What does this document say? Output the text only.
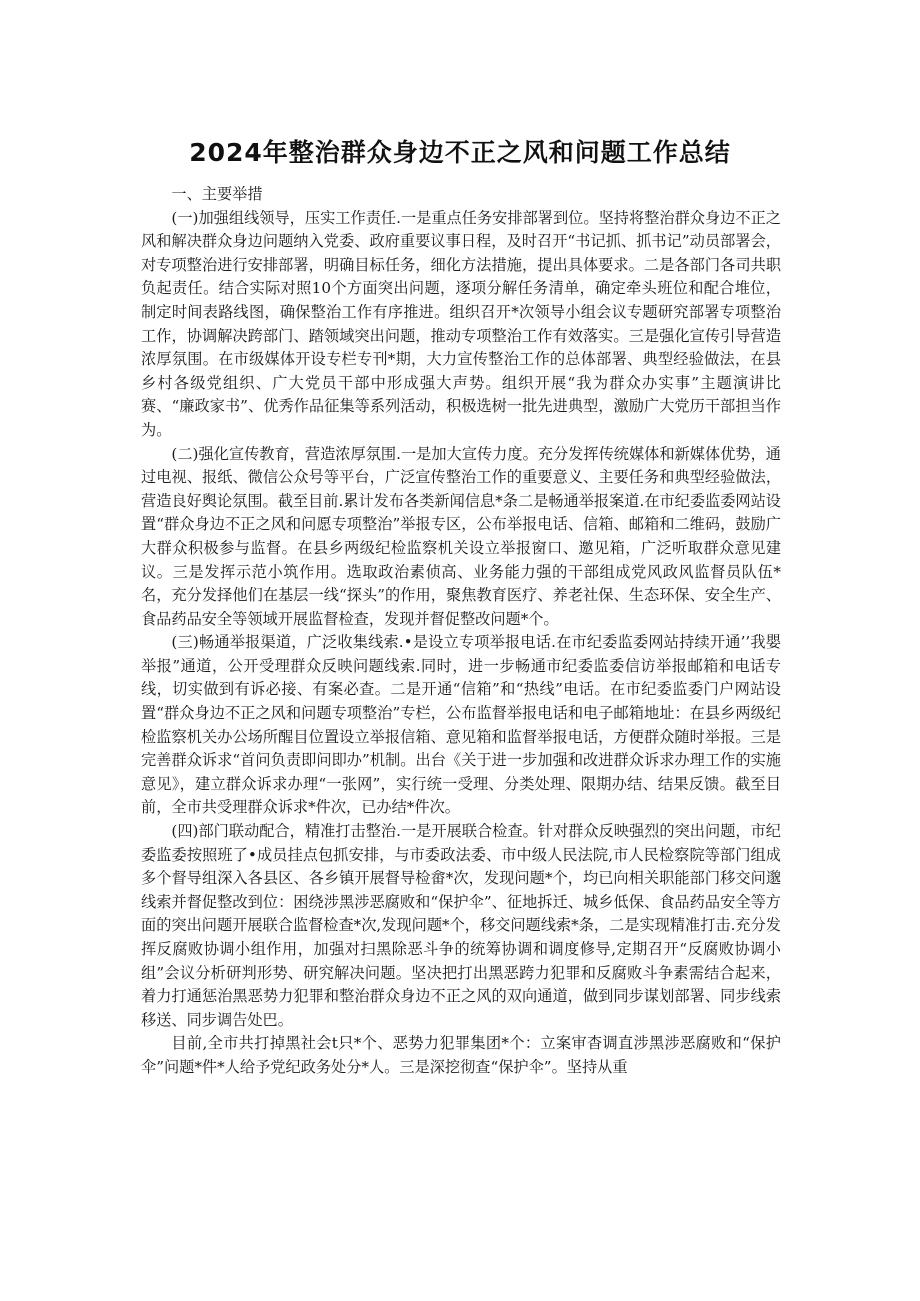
2024年整治群众身边不正之风和问题工作总结

一、主要举措

(一)加强组线领导，压实工作责任.一是重点任务安排部署到位。坚持将整治群众身边不正之风和解决群众身边问题纳入党委、政府重要议事日程，及时召开“书记抓、抓书记”动员部署会，对专项整治进行安排部署，明确目标任务，细化方法措施，提出具体要求。二是各部门各司共职负起责任。结合实际对照10个方面突出问题，逐项分解任务清单，确定牵头班位和配合堆位，制定时间表路线图，确保整治工作有序推进。组织召开*次领导小组会议专题研究部署专项整治工作，协调解决跨部门、踏领域突出问题，推动专项整治工作有效落实。三是强化宣传引导营造浓厚氛围。在市级媒体开设专栏专刊*期，大力宣传整治工作的总体部署、典型经验做法，在县乡村各级党组织、广大党员干部中形成强大声势。组织开展“我为群众办实事”主题演讲比赛、“廉政家书”、优秀作品征集等系列活动，积极选树一批先进典型，激励广大党历干部担当作为。

(二)强化宣传教育，营造浓厚氛围.一是加大宣传力度。充分发挥传统媒体和新媒体优势，通过电视、报纸、微信公众号等平台，广泛宣传整治工作的重要意义、主要任务和典型经验做法，营造良好舆论氛围。截至目前.累计发布各类新闻信息*条二是畅通举报案道.在市纪委监委网站设置“群众身边不正之风和问愿专项整治”举报专区，公布举报电话、信箱、邮箱和二维码，鼓励广大群众积极参与监督。在县乡两级纪检监察机关设立举报窗口、邀见箱，广泛听取群众意见建议。三是发挥示范小筑作用。选取政治素侦高、业务能力强的干部组成党风政风监督员队伍*名，充分发择他们在基层一线“探头”的作用，聚焦教育医疗、养老社保、生态环保、安全生产、食品药品安全等领域开展监督检查，发现并督促整改问题*个。

(三)畅通举报渠道，广泛收集线索.•是设立专项举报电话.在市纪委监委网站持续开通’’我嬰举报”通道，公开受理群众反映问题线索.同时，进一步畅通市纪委监委信访举报邮箱和电话专线，切实做到有诉必接、有案必查。二是开通“信箱”和“热线”电话。在市纪委监委门户网站设置“群众身边不正之风和问题专项整治”专栏，公布监督举报电话和电子邮箱地址：在县乡两级纪检监察机关办公场所醒目位置设立举报信箱、意见箱和监督举报电话，方便群众随时举报。三是完善群众诉求“首问负责即问即办”机制。出台《关于进一步加强和改进群众诉求办理工作的实施意见》，建立群众诉求办理“一张网”，实行统一受理、分类处理、限期办结、结果反馈。截至目前，全市共受理群众诉求*件次，已办结*件次。

(四)部门联动配合，精准打击整治.一是开展联合检查。针对群众反映强烈的突出问题，市纪委监委按照班了•成员挂点包抓安排，与市委政法委、市中级人民法院,市人民检察院等部门组成多个督导组深入各县区、各乡镇开展督导检畲*次，发现问题*个，均已向相关职能部门移交问邈线索并督促整改到位：困绕涉黑涉恶腐败和“保护伞”、征地拆迁、城乡低保、食品药品安全等方面的突出问题开展联合监督检查*次,发现问题*个，移交问题线索*条，二是实现精准打击.充分发挥反腐败协调小组作用，加强对扫黑除恶斗争的统筹协调和调度修导,定期召开“反腐败协调小组”会议分析研判形势、研究解决问题。坚决把打出黑恶跨力犯罪和反腐败斗争素需结合起来，着力打通惩治黑恶势力犯罪和整治群众身边不正之风的双向通道，做到同步谋划部署、同步线索移送、同步调告处巴。

目前,全市共打掉黑社会t只*个、恶势力犯罪集团*个：立案审杳调直涉黑涉恶腐败和“保护伞”问题*件*人给予党纪政务处分*人。三是深挖彻查“保护伞”。坚持从重
